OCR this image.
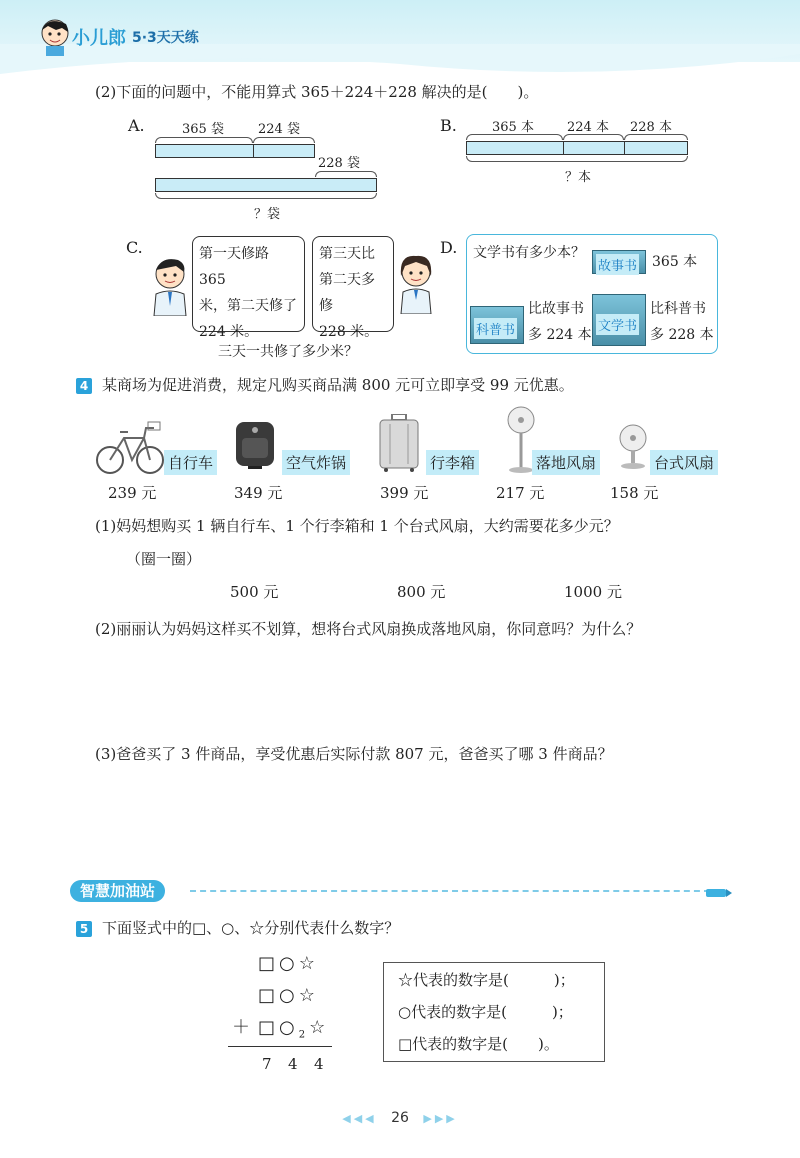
小儿郎 5·3天天练
(2)下面的问题中，不能用算式 365＋224＋228 解决的是(　　)。
A.	365 袋	224 袋
228 袋
？袋
B.	365 本	224 本 228 本
？本
C.	第一天修路 365
米，第二天修了
224 米。
第三天比
第二天多修
228 米。
三天一共修了多少米？
D. 文学书有多少本？
故事书 365 本
科普书
比故事书
多 224 本
文学书
比科普书
多 228 本
4 某商场为促进消费，规定凡购买商品满 800 元可立即享受 99 元优惠。
自行车
239 元
空气炸锅
349 元
行李箱
399 元
落地风扇
217 元
台式风扇
158 元
(1)妈妈想购买 1 辆自行车、1 个行李箱和 1 个台式风扇，大约需要花多少元？
（圈一圈）
500 元	800 元	1000 元
(2)丽丽认为妈妈这样买不划算，想将台式风扇换成落地风扇，你同意吗？为什么？
(3)爸爸买了 3 件商品，享受优惠后实际付款 807 元，爸爸买了哪 3 件商品？
智慧加油站
5 下面竖式中的□、○、☆分别代表什么数字？
□○☆
□○☆
＋ $□○_2☆$
7 4 4
☆代表的数字是(　　　)；
○代表的数字是(　　　)；
□代表的数字是(　　)。
◀◀◀ 26 ▶▶▶
